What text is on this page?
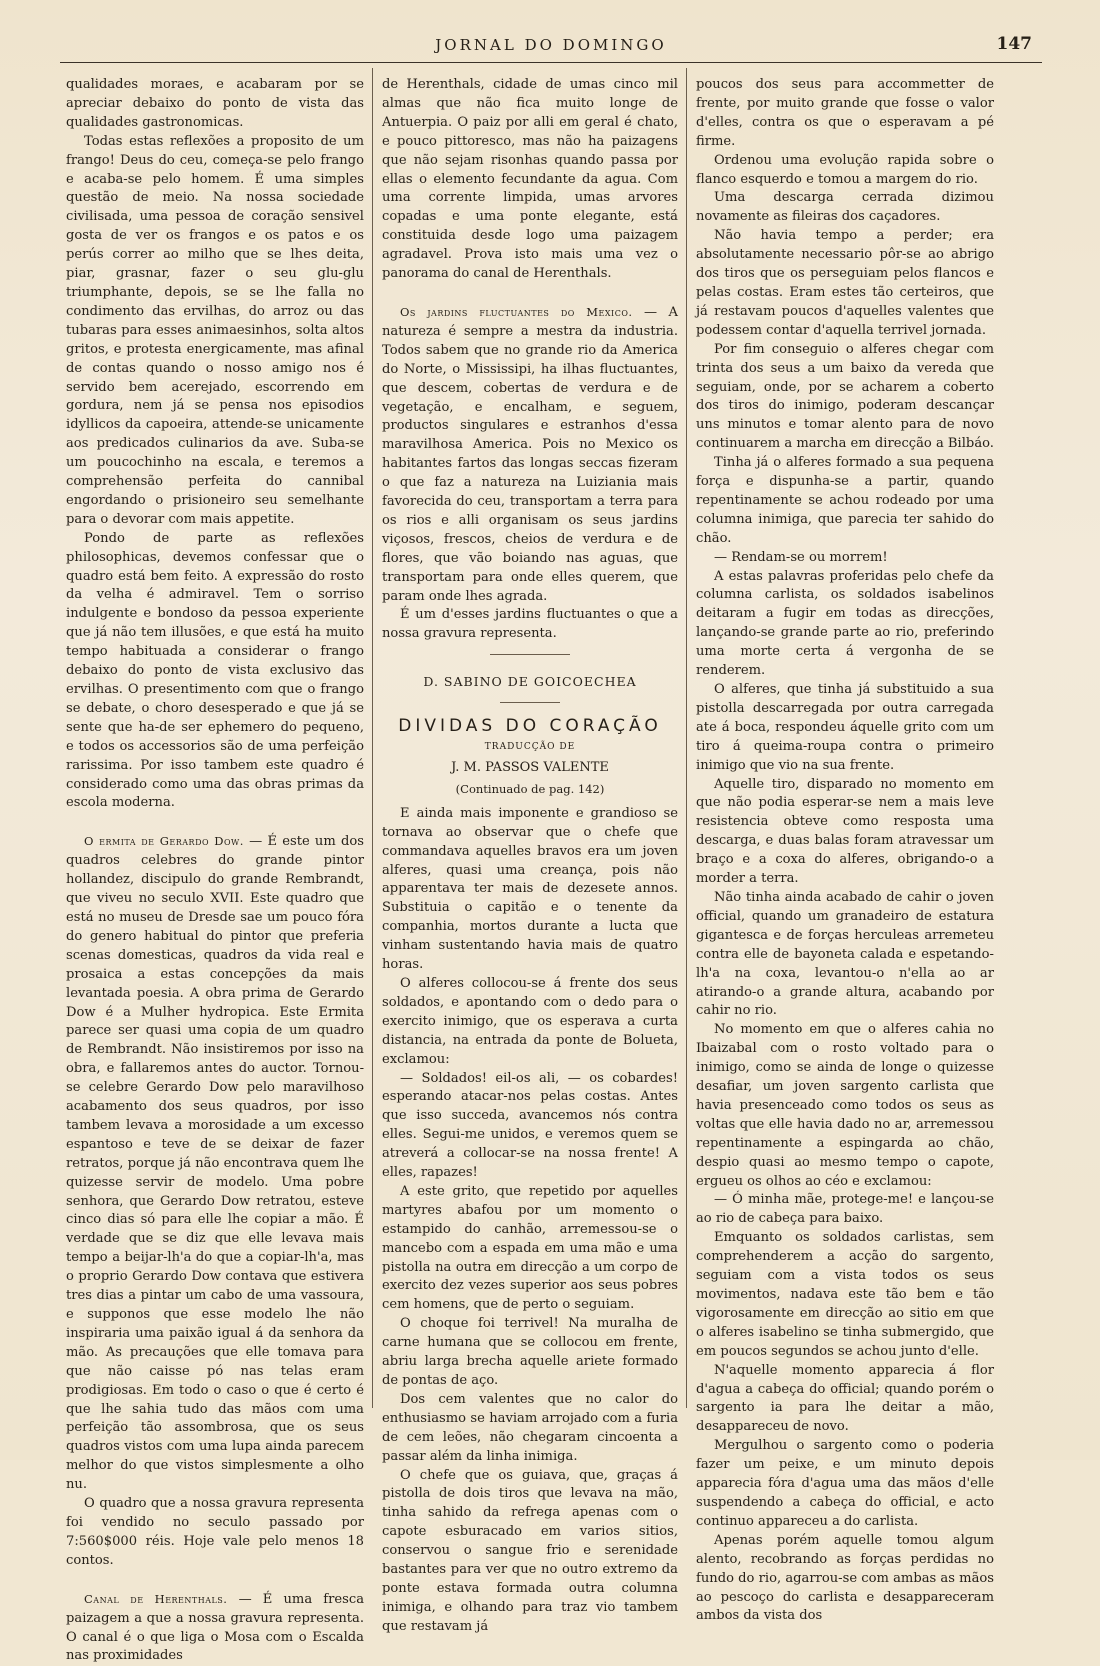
JORNAL DO DOMINGO	147

qualidades moraes, e acabaram por se apreciar debaixo do ponto de vista das qualidades gastronomicas.

Todas estas reflexões a proposito de um frango! Deus do ceu, começa-se pelo frango e acaba-se pelo homem. É uma simples questão de meio. Na nossa sociedade civilisada, uma pessoa de coração sensivel gosta de ver os frangos e os patos e os perús correr ao milho que se lhes deita, piar, grasnar, fazer o seu glu-glu triumphante, depois, se se lhe falla no condimento das ervilhas, do arroz ou das tubaras para esses animaesinhos, solta altos gritos, e protesta energicamente, mas afinal de contas quando o nosso amigo nos é servido bem acerejado, escorrendo em gordura, nem já se pensa nos episodios idyllicos da capoeira, attende-se unicamente aos predicados culinarios da ave. Suba-se um poucochinho na escala, e teremos a comprehensão perfeita do cannibal engordando o prisioneiro seu semelhante para o devorar com mais appetite.

Pondo de parte as reflexões philosophicas, devemos confessar que o quadro está bem feito. A expressão do rosto da velha é admiravel. Tem o sorriso indulgente e bondoso da pessoa experiente que já não tem illusões, e que está ha muito tempo habituada a considerar o frango debaixo do ponto de vista exclusivo das ervilhas. O presentimento com que o frango se debate, o choro desesperado e que já se sente que ha-de ser ephemero do pequeno, e todos os accessorios são de uma perfeição rarissima. Por isso tambem este quadro é considerado como uma das obras primas da escola moderna.

O ermita de Gerardo Dow. — É este um dos quadros celebres do grande pintor hollandez, discipulo do grande Rembrandt, que viveu no seculo XVII. Este quadro que está no museu de Dresde sae um pouco fóra do genero habitual do pintor que preferia scenas domesticas, quadros da vida real e prosaica a estas concepções da mais levantada poesia. A obra prima de Gerardo Dow é a Mulher hydropica. Este Ermita parece ser quasi uma copia de um quadro de Rembrandt. Não insistiremos por isso na obra, e fallaremos antes do auctor. Tornou-se celebre Gerardo Dow pelo maravilhoso acabamento dos seus quadros, por isso tambem levava a morosidade a um excesso espantoso e teve de se deixar de fazer retratos, porque já não encontrava quem lhe quizesse servir de modelo. Uma pobre senhora, que Gerardo Dow retratou, esteve cinco dias só para elle lhe copiar a mão. É verdade que se diz que elle levava mais tempo a beijar-lh'a do que a copiar-lh'a, mas o proprio Gerardo Dow contava que estivera tres dias a pintar um cabo de uma vassoura, e supponos que esse modelo lhe não inspiraria uma paixão igual á da senhora da mão. As precauções que elle tomava para que não caisse pó nas telas eram prodigiosas. Em todo o caso o que é certo é que lhe sahia tudo das mãos com uma perfeição tão assombrosa, que os seus quadros vistos com uma lupa ainda parecem melhor do que vistos simplesmente a olho nu.

O quadro que a nossa gravura representa foi vendido no seculo passado por 7:560$000 réis. Hoje vale pelo menos 18 contos.

Canal de Herenthals. — É uma fresca paizagem a que a nossa gravura representa. O canal é o que liga o Mosa com o Escalda nas proximidades

de Herenthals, cidade de umas cinco mil almas que não fica muito longe de Antuerpia. O paiz por alli em geral é chato, e pouco pittoresco, mas não ha paizagens que não sejam risonhas quando passa por ellas o elemento fecundante da agua. Com uma corrente limpida, umas arvores copadas e uma ponte elegante, está constituida desde logo uma paizagem agradavel. Prova isto mais uma vez o panorama do canal de Herenthals.

Os jardins fluctuantes do Mexico. — A natureza é sempre a mestra da industria. Todos sabem que no grande rio da America do Norte, o Mississipi, ha ilhas fluctuantes, que descem, cobertas de verdura e de vegetação, e encalham, e seguem, productos singulares e estranhos d'essa maravilhosa America. Pois no Mexico os habitantes fartos das longas seccas fizeram o que faz a natureza na Luiziania mais favorecida do ceu, transportam a terra para os rios e alli organisam os seus jardins viçosos, frescos, cheios de verdura e de flores, que vão boiando nas aguas, que transportam para onde elles querem, que param onde lhes agrada.

É um d'esses jardins fluctuantes o que a nossa gravura representa.

D. SABINO DE GOICOECHEA
DIVIDAS DO CORAÇÃO
TRADUCÇÃO DE
J. M. PASSOS VALENTE
(Continuado de pag. 142)

E ainda mais imponente e grandioso se tornava ao observar que o chefe que commandava aquelles bravos era um joven alferes, quasi uma creança, pois não apparentava ter mais de dezesete annos. Substituia o capitão e o tenente da companhia, mortos durante a lucta que vinham sustentando havia mais de quatro horas.

O alferes collocou-se á frente dos seus soldados, e apontando com o dedo para o exercito inimigo, que os esperava a curta distancia, na entrada da ponte de Bolueta, exclamou:

— Soldados! eil-os ali, — os cobardes! esperando atacar-nos pelas costas. Antes que isso succeda, avancemos nós contra elles. Segui-me unidos, e veremos quem se atreverá a collocar-se na nossa frente! A elles, rapazes!

A este grito, que repetido por aquelles martyres abafou por um momento o estampido do canhão, arremessou-se o mancebo com a espada em uma mão e uma pistolla na outra em direcção a um corpo de exercito dez vezes superior aos seus pobres cem homens, que de perto o seguiam.

O choque foi terrivel! Na muralha de carne humana que se collocou em frente, abriu larga brecha aquelle ariete formado de pontas de aço.

Dos cem valentes que no calor do enthusiasmo se haviam arrojado com a furia de cem leões, não chegaram cincoenta a passar além da linha inimiga.

O chefe que os guiava, que, graças á pistolla de dois tiros que levava na mão, tinha sahido da refrega apenas com o capote esburacado em varios sitios, conservou o sangue frio e serenidade bastantes para ver que no outro extremo da ponte estava formada outra columna inimiga, e olhando para traz vio tambem que restavam já

poucos dos seus para accommetter de frente, por muito grande que fosse o valor d'elles, contra os que o esperavam a pé firme.

Ordenou uma evolução rapida sobre o flanco esquerdo e tomou a margem do rio.

Uma descarga cerrada dizimou novamente as fileiras dos caçadores.

Não havia tempo a perder; era absolutamente necessario pôr-se ao abrigo dos tiros que os perseguiam pelos flancos e pelas costas. Eram estes tão certeiros, que já restavam poucos d'aquelles valentes que podessem contar d'aquella terrivel jornada.

Por fim conseguio o alferes chegar com trinta dos seus a um baixo da vereda que seguiam, onde, por se acharem a coberto dos tiros do inimigo, poderam descançar uns minutos e tomar alento para de novo continuarem a marcha em direcção a Bilbáo.

Tinha já o alferes formado a sua pequena força e dispunha-se a partir, quando repentinamente se achou rodeado por uma columna inimiga, que parecia ter sahido do chão.

— Rendam-se ou morrem!

A estas palavras proferidas pelo chefe da columna carlista, os soldados isabelinos deitaram a fugir em todas as direcções, lançando-se grande parte ao rio, preferindo uma morte certa á vergonha de se renderem.

O alferes, que tinha já substituido a sua pistolla descarregada por outra carregada ate á boca, respondeu áquelle grito com um tiro á queima-roupa contra o primeiro inimigo que vio na sua frente.

Aquelle tiro, disparado no momento em que não podia esperar-se nem a mais leve resistencia obteve como resposta uma descarga, e duas balas foram atravessar um braço e a coxa do alferes, obrigando-o a morder a terra.

Não tinha ainda acabado de cahir o joven official, quando um granadeiro de estatura gigantesca e de forças herculeas arremeteu contra elle de bayoneta calada e espetando-lh'a na coxa, levantou-o n'ella ao ar atirando-o a grande altura, acabando por cahir no rio.

No momento em que o alferes cahia no Ibaizabal com o rosto voltado para o inimigo, como se ainda de longe o quizesse desafiar, um joven sargento carlista que havia presenceado como todos os seus as voltas que elle havia dado no ar, arremessou repentinamente a espingarda ao chão, despio quasi ao mesmo tempo o capote, ergueu os olhos ao céo e exclamou:

— Ó minha mãe, protege-me! e lançou-se ao rio de cabeça para baixo.

Emquanto os soldados carlistas, sem comprehenderem a acção do sargento, seguiam com a vista todos os seus movimentos, nadava este tão bem e tão vigorosamente em direcção ao sitio em que o alferes isabelino se tinha submergido, que em poucos segundos se achou junto d'elle.

N'aquelle momento apparecia á flor d'agua a cabeça do official; quando porém o sargento ia para lhe deitar a mão, desappareceu de novo.

Mergulhou o sargento como o poderia fazer um peixe, e um minuto depois apparecia fóra d'agua uma das mãos d'elle suspendendo a cabeça do official, e acto continuo appareceu a do carlista.

Apenas porém aquelle tomou algum alento, recobrando as forças perdidas no fundo do rio, agarrou-se com ambas as mãos ao pescoço do carlista e desappareceram ambos da vista dos
